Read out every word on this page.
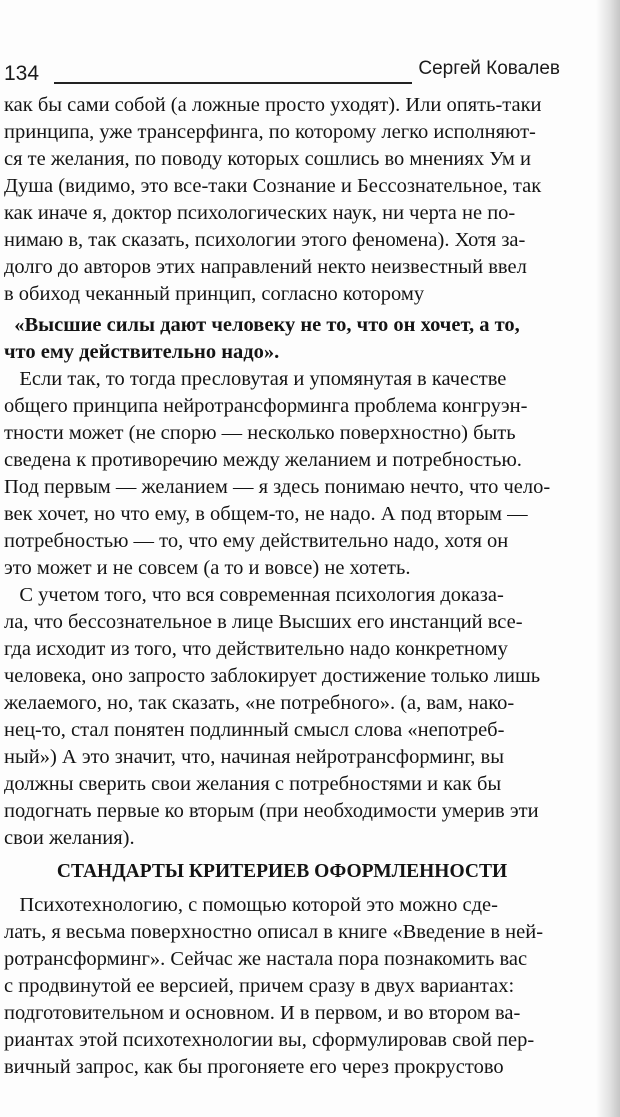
134	Сергей Ковалев
как бы сами собой (а ложные просто уходят). Или опять-таки
принципа, уже трансерфинга, по которому легко исполняют-
ся те желания, по поводу которых сошлись во мнениях Ум и
Душа (видимо, это все-таки Сознание и Бессознательное, так
как иначе я, доктор психологических наук, ни черта не по-
нимаю в, так сказать, психологии этого феномена). Хотя за-
долго до авторов этих направлений некто неизвестный ввел
в обиход чеканный принцип, согласно которому
«Высшие силы дают человеку не то, что он хочет, а то,
что ему действительно надо».
Если так, то тогда пресловутая и упомянутая в качестве
общего принципа нейротрансформинга проблема конгруэн-
тности может (не спорю — несколько поверхностно) быть
сведена к противоречию между желанием и потребностью.
Под первым — желанием — я здесь понимаю нечто, что чело-
век хочет, но что ему, в общем-то, не надо. А под вторым —
потребностью — то, что ему действительно надо, хотя он
это может и не совсем (а то и вовсе) не хотеть.
С учетом того, что вся современная психология доказа-
ла, что бессознательное в лице Высших его инстанций все-
гда исходит из того, что действительно надо конкретному
человека, оно запросто заблокирует достижение только лишь
желаемого, но, так сказать, «не потребного». (а, вам, нако-
нец-то, стал понятен подлинный смысл слова «непотреб-
ный») А это значит, что, начиная нейротрансформинг, вы
должны сверить свои желания с потребностями и как бы
подогнать первые ко вторым (при необходимости умерив эти
свои желания).
СТАНДАРТЫ КРИТЕРИЕВ ОФОРМЛЕННОСТИ
Психотехнологию, с помощью которой это можно сде-
лать, я весьма поверхностно описал в книге «Введение в ней-
ротрансформинг». Сейчас же настала пора познакомить вас
с продвинутой ее версией, причем сразу в двух вариантах:
подготовительном и основном. И в первом, и во втором ва-
риантах этой психотехнологии вы, сформулировав свой пер-
вичный запрос, как бы прогоняете его через прокрустово
